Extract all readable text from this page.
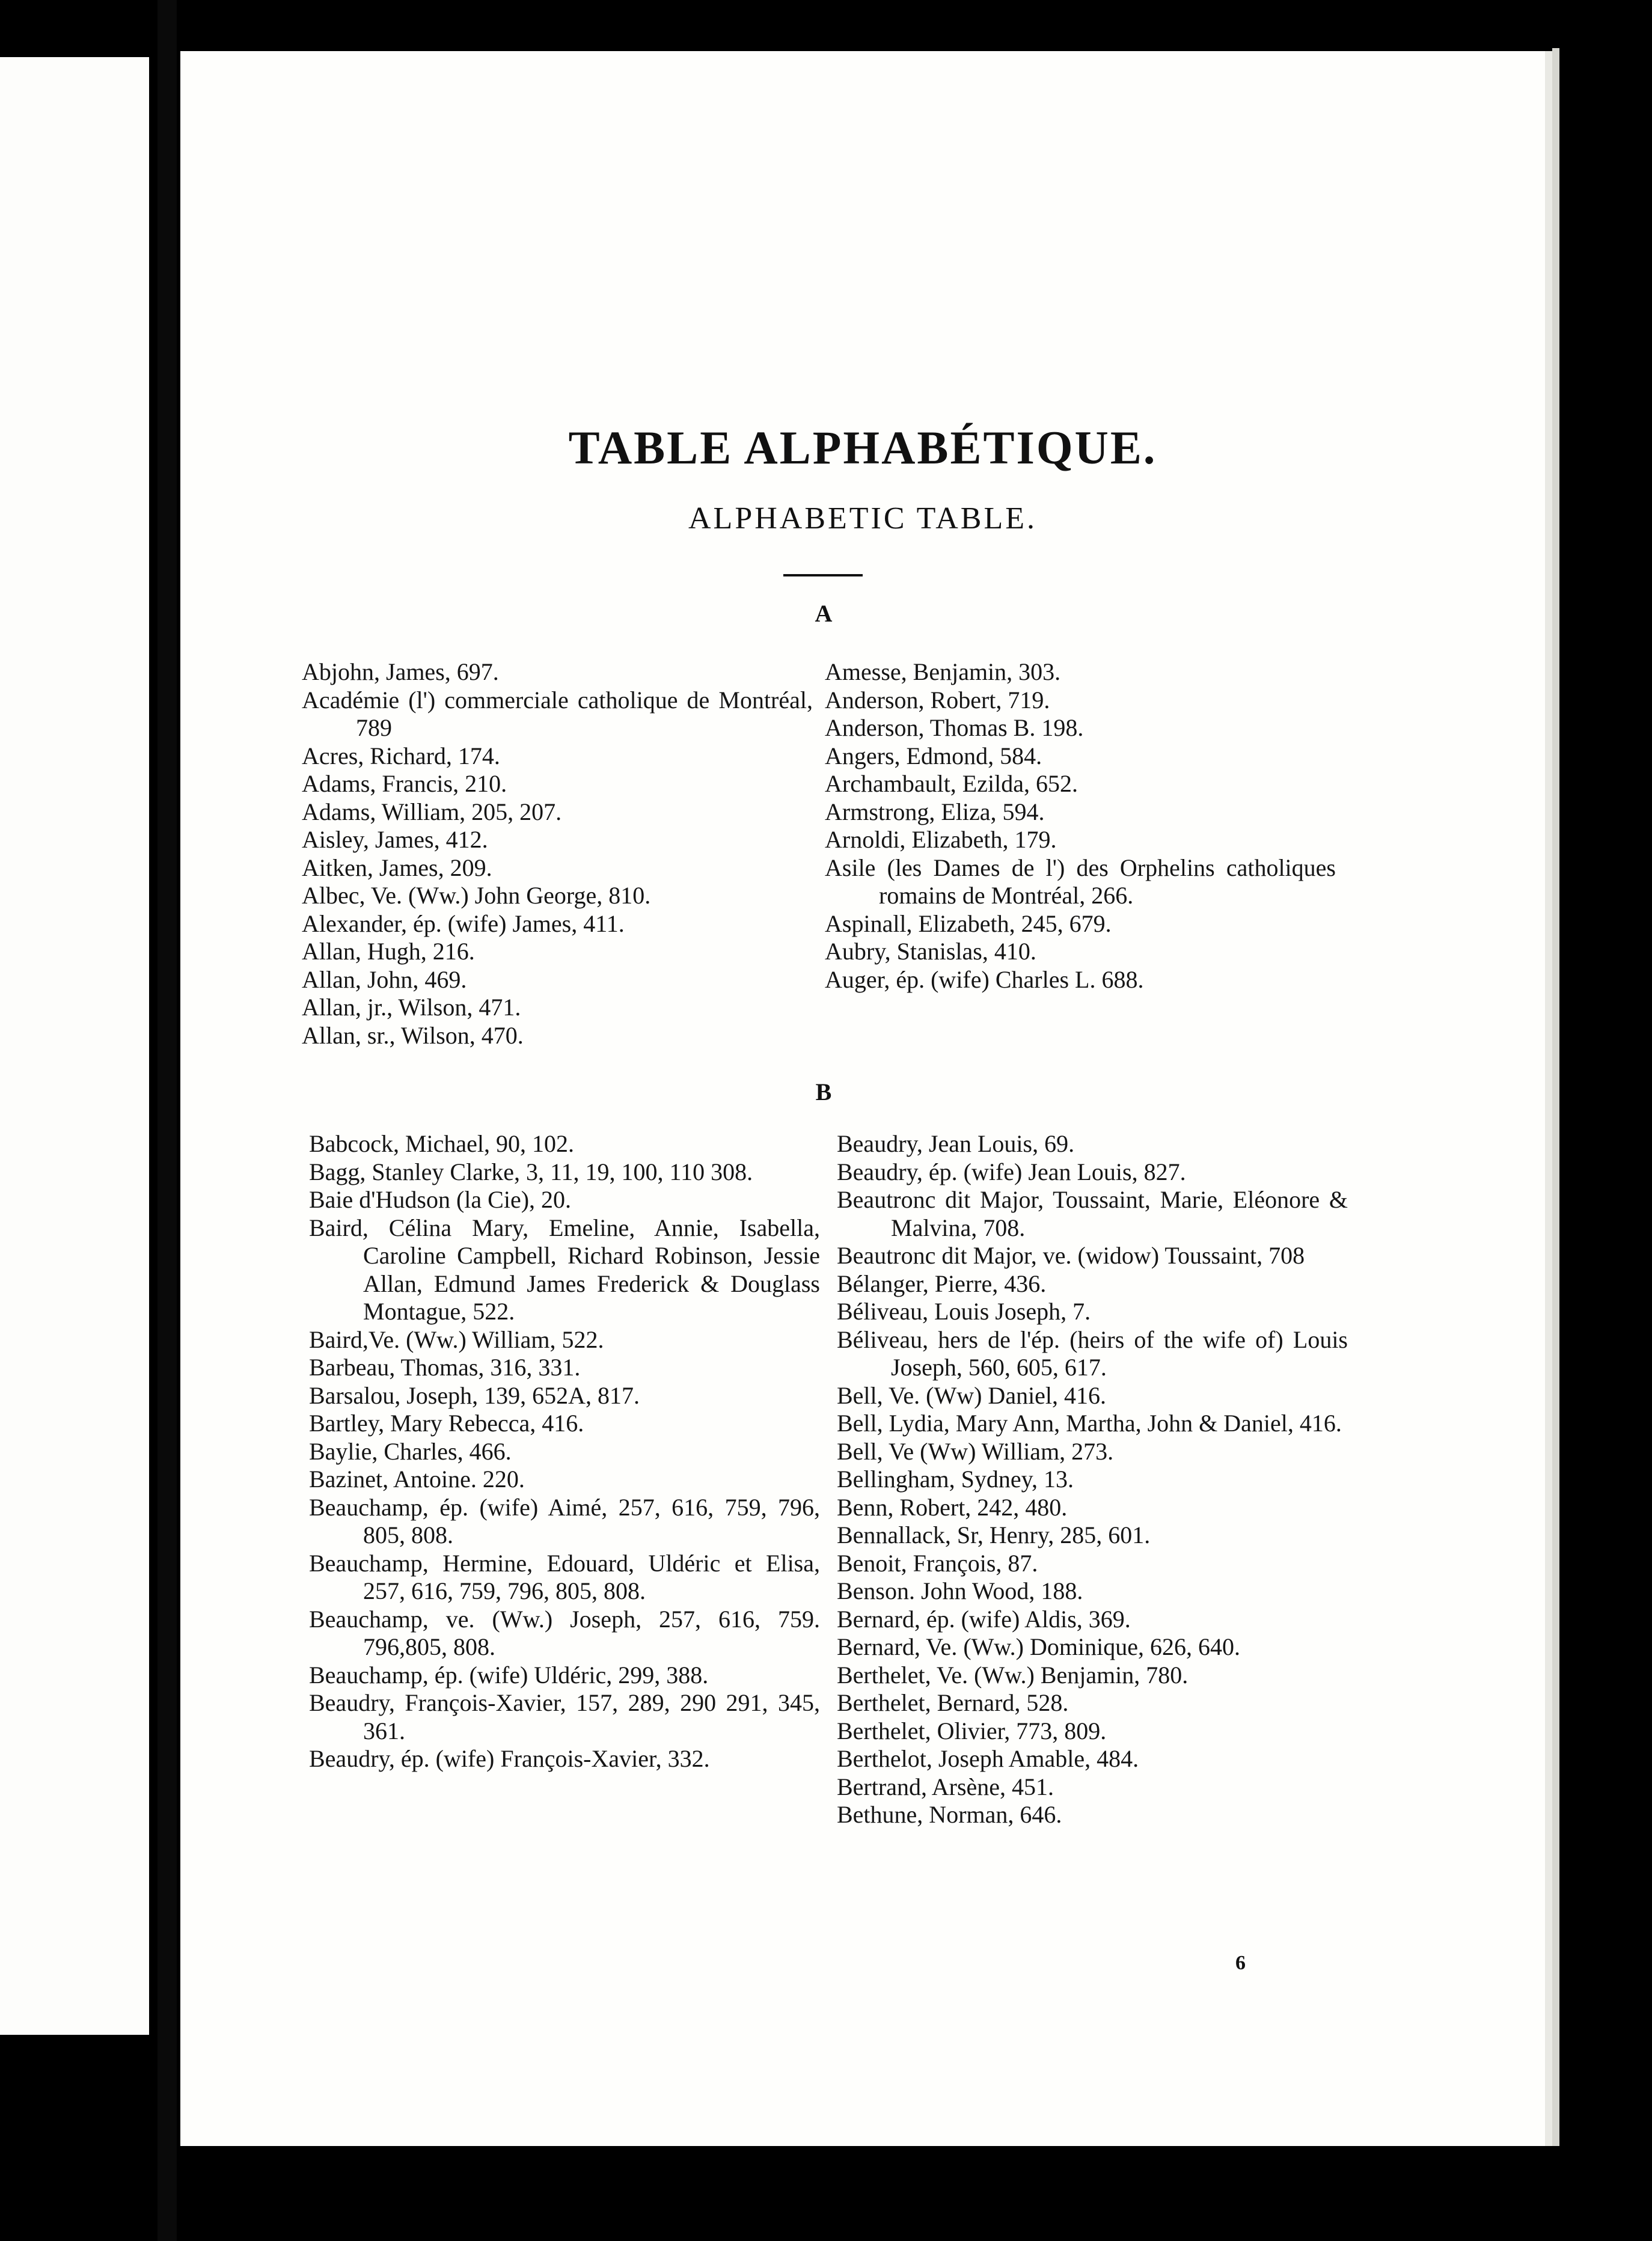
TABLE ALPHABÉTIQUE.
ALPHABETIC TABLE.
A
Abjohn, James, 697.
Académie (l') commerciale catholique de Montréal, 789
Acres, Richard, 174.
Adams, Francis, 210.
Adams, William, 205, 207.
Aisley, James, 412.
Aitken, James, 209.
Albec, Ve. (Ww.) John George, 810.
Alexander, ép. (wife) James, 411.
Allan, Hugh, 216.
Allan, John, 469.
Allan, jr., Wilson, 471.
Allan, sr., Wilson, 470.
Amesse, Benjamin, 303.
Anderson, Robert, 719.
Anderson, Thomas B. 198.
Angers, Edmond, 584.
Archambault, Ezilda, 652.
Armstrong, Eliza, 594.
Arnoldi, Elizabeth, 179.
Asile (les Dames de l') des Orphelins catholiques romains de Montréal, 266.
Aspinall, Elizabeth, 245, 679.
Aubry, Stanislas, 410.
Auger, ép. (wife) Charles L. 688.
B
Babcock, Michael, 90, 102.
Bagg, Stanley Clarke, 3, 11, 19, 100, 110 308.
Baie d'Hudson (la Cie), 20.
Baird, Célina Mary, Emeline, Annie, Isabella, Caroline Campbell, Richard Robinson, Jessie Allan, Edmund James Frederick & Douglass Montague, 522.
Baird,Ve. (Ww.) William, 522.
Barbeau, Thomas, 316, 331.
Barsalou, Joseph, 139, 652A, 817.
Bartley, Mary Rebecca, 416.
Baylie, Charles, 466.
Bazinet, Antoine. 220.
Beauchamp, ép. (wife) Aimé, 257, 616, 759, 796, 805, 808.
Beauchamp, Hermine, Edouard, Uldéric et Elisa, 257, 616, 759, 796, 805, 808.
Beauchamp, ve. (Ww.) Joseph, 257, 616, 759. 796,805, 808.
Beauchamp, ép. (wife) Uldéric, 299, 388.
Beaudry, François-Xavier, 157, 289, 290 291, 345, 361.
Beaudry, ép. (wife) François-Xavier, 332.
Beaudry, Jean Louis, 69.
Beaudry, ép. (wife) Jean Louis, 827.
Beautronc dit Major, Toussaint, Marie, Eléonore & Malvina, 708.
Beautronc dit Major, ve. (widow) Toussaint, 708
Bélanger, Pierre, 436.
Béliveau, Louis Joseph, 7.
Béliveau, hers de l'ép. (heirs of the wife of) Louis Joseph, 560, 605, 617.
Bell, Ve. (Ww) Daniel, 416.
Bell, Lydia, Mary Ann, Martha, John & Daniel, 416.
Bell, Ve (Ww) William, 273.
Bellingham, Sydney, 13.
Benn, Robert, 242, 480.
Bennallack, Sr, Henry, 285, 601.
Benoit, François, 87.
Benson. John Wood, 188.
Bernard, ép. (wife) Aldis, 369.
Bernard, Ve. (Ww.) Dominique, 626, 640.
Berthelet, Ve. (Ww.) Benjamin, 780.
Berthelet, Bernard, 528.
Berthelet, Olivier, 773, 809.
Berthelot, Joseph Amable, 484.
Bertrand, Arsène, 451.
Bethune, Norman, 646.
6
